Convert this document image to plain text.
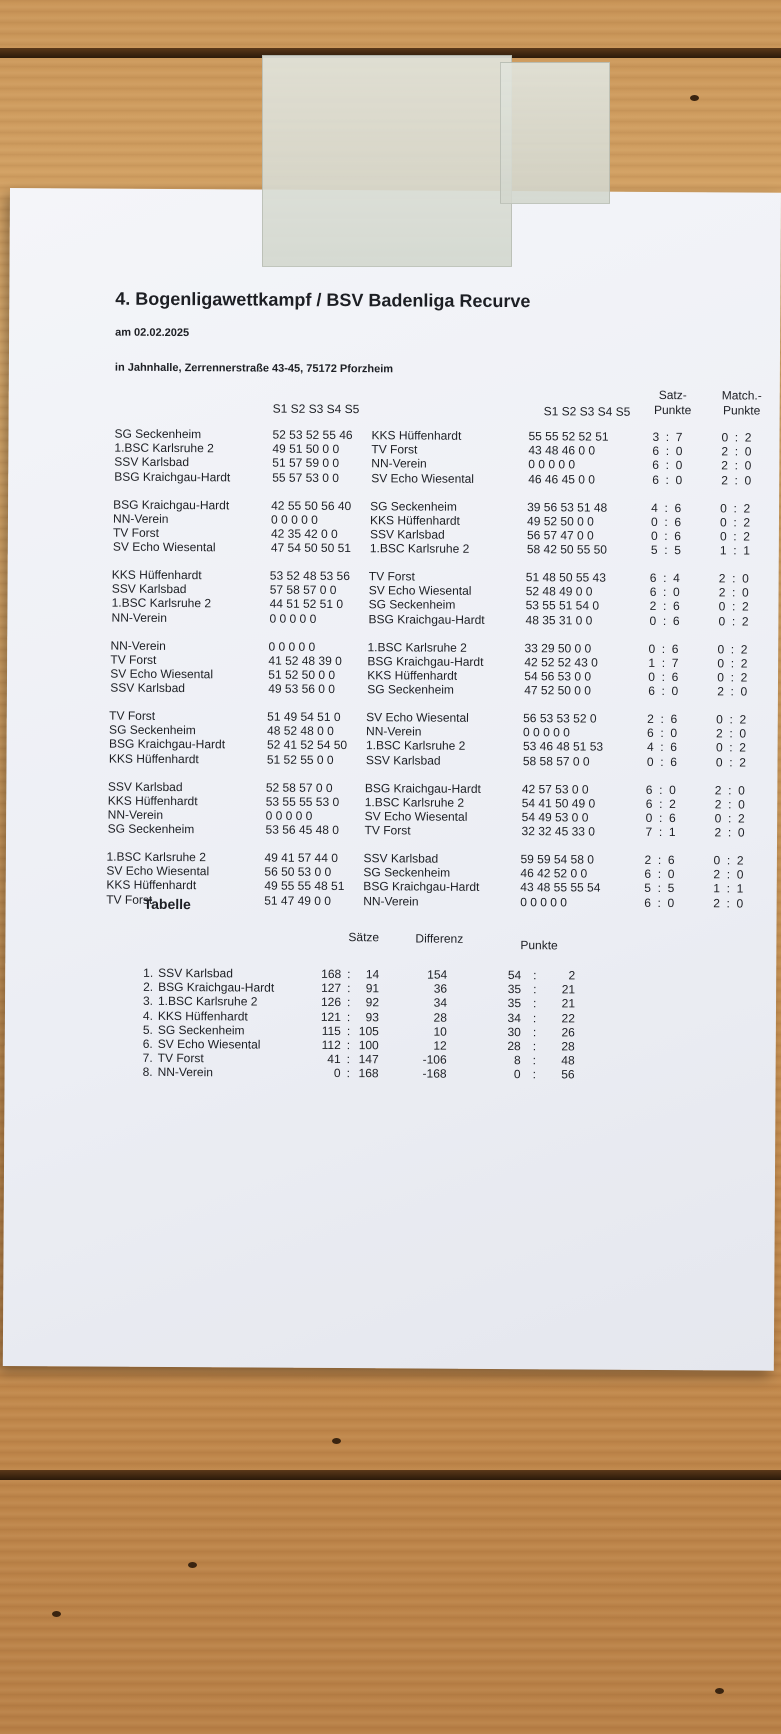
4. Bogenligawettkampf / BSV Badenliga Recurve
am 02.02.2025
in Jahnhalle, Zerrennerstraße 43-45, 75172 Pforzheim
S1 S2 S3 S4 S5	S1 S2 S3 S4 S5
Satz-
Punkte
Match.-
Punkte
SG Seckenheim	52 53 52 55 46 KKS Hüffenhardt	55 55 52 52 51	3  :  7	0  :  2
1.BSC Karlsruhe 2	49 51 50 0 0	TV Forst	43 48 46 0 0	6  :  0	2  :  0
SSV Karlsbad	51 57 59 0 0	NN-Verein	0 0 0 0 0	6  :  0	2  :  0
BSG Kraichgau-Hardt	55 57 53 0 0	SV Echo Wiesental	46 46 45 0 0	6  :  0	2  :  0
BSG Kraichgau-Hardt	42 55 50 56 40 SG Seckenheim	39 56 53 51 48	4  :  6	0  :  2
NN-Verein	0 0 0 0 0	KKS Hüffenhardt	49 52 50 0 0	0  :  6	0  :  2
TV Forst	42 35 42 0 0	SSV Karlsbad	56 57 47 0 0	0  :  6	0  :  2
SV Echo Wiesental	47 54 50 50 51 1.BSC Karlsruhe 2	58 42 50 55 50	5  :  5	1  :  1
KKS Hüffenhardt	53 52 48 53 56 TV Forst	51 48 50 55 43	6  :  4	2  :  0
SSV Karlsbad	57 58 57 0 0	SV Echo Wiesental	52 48 49 0 0	6  :  0	2  :  0
1.BSC Karlsruhe 2	44 51 52 51 0 SG Seckenheim	53 55 51 54 0	2  :  6	0  :  2
NN-Verein	0 0 0 0 0	BSG Kraichgau-Hardt	48 35 31 0 0	0  :  6	0  :  2
NN-Verein	0 0 0 0 0	1.BSC Karlsruhe 2	33 29 50 0 0	0  :  6	0  :  2
TV Forst	41 52 48 39 0 BSG Kraichgau-Hardt	42 52 52 43 0	1  :  7	0  :  2
SV Echo Wiesental	51 52 50 0 0	KKS Hüffenhardt	54 56 53 0 0	0  :  6	0  :  2
SSV Karlsbad	49 53 56 0 0	SG Seckenheim	47 52 50 0 0	6  :  0	2  :  0
TV Forst	51 49 54 51 0 SV Echo Wiesental	56 53 53 52 0	2  :  6	0  :  2
SG Seckenheim	48 52 48 0 0	NN-Verein	0 0 0 0 0	6  :  0	2  :  0
BSG Kraichgau-Hardt	52 41 52 54 50 1.BSC Karlsruhe 2	53 46 48 51 53	4  :  6	0  :  2
KKS Hüffenhardt	51 52 55 0 0	SSV Karlsbad	58 58 57 0 0	0  :  6	0  :  2
SSV Karlsbad	52 58 57 0 0	BSG Kraichgau-Hardt	42 57 53 0 0	6  :  0	2  :  0
KKS Hüffenhardt	53 55 55 53 0 1.BSC Karlsruhe 2	54 41 50 49 0	6  :  2	2  :  0
NN-Verein	0 0 0 0 0	SV Echo Wiesental	54 49 53 0 0	0  :  6	0  :  2
SG Seckenheim	53 56 45 48 0 TV Forst	32 32 45 33 0	7  :  1	2  :  0
1.BSC Karlsruhe 2	49 41 57 44 0 SSV Karlsbad	59 59 54 58 0	2  :  6	0  :  2
SV Echo Wiesental	56 50 53 0 0	SG Seckenheim	46 42 52 0 0	6  :  0	2  :  0
KKS Hüffenhardt	49 55 55 48 51 BSG Kraichgau-Hardt	43 48 55 55 54	5  :  5	1  :  1
TV Forst	51 47 49 0 0	NN-Verein	0 0 0 0 0	6  :  0	2  :  0
Tabelle
Sätze	Differenz	Punkte
1. SSV Karlsbad	168 :	14	154	54 :	2
2. BSG Kraichgau-Hardt	127 :	91	36	35 :	21
3. 1.BSC Karlsruhe 2	126 :	92	34	35 :	21
4. KKS Hüffenhardt	121 :	93	28	34 :	22
5. SG Seckenheim	115 : 105	10	30 :	26
6. SV Echo Wiesental	112 : 100	12	28 :	28
7. TV Forst	41 : 147	-106	8 :	48
8. NN-Verein	0 : 168	-168	0 :	56
